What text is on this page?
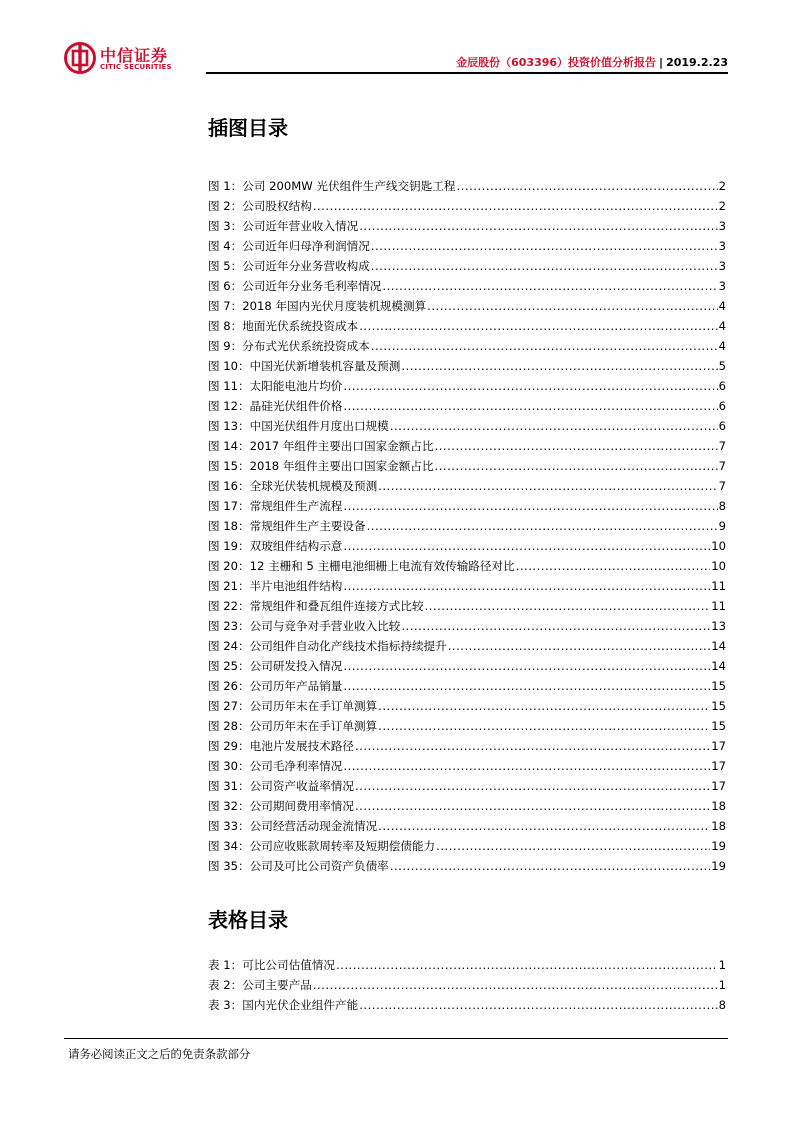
中信证券
CITIC SECURITIES	金辰股份（603396）投资价值分析报告 | 2019.2.23
插图目录
图 1：公司 200MW 光伏组件生产线交钥匙工程 .....	2
图 2：公司股权结构 .....	2
图 3：公司近年营业收入情况 .....	3
图 4：公司近年归母净利润情况 .....	3
图 5：公司近年分业务营收构成 .....	3
图 6：公司近年分业务毛利率情况 .....	3
图 7：2018 年国内光伏月度装机规模测算 .....	4
图 8：地面光伏系统投资成本 .....	4
图 9：分布式光伏系统投资成本 .....	4
图 10：中国光伏新增装机容量及预测 .....	5
图 11：太阳能电池片均价 .....	6
图 12：晶硅光伏组件价格 .....	6
图 13：中国光伏组件月度出口规模 .....	6
图 14：2017 年组件主要出口国家金额占比 .....	7
图 15：2018 年组件主要出口国家金额占比 .....	7
图 16：全球光伏装机规模及预测 .....	7
图 17：常规组件生产流程 .....	8
图 18：常规组件生产主要设备 .....	9
图 19：双玻组件结构示意 .....	10
图 20：12 主栅和 5 主栅电池细栅上电流有效传输路径对比 .....	10
图 21：半片电池组件结构 .....	11
图 22：常规组件和叠瓦组件连接方式比较 .....	11
图 23：公司与竞争对手营业收入比较 .....	13
图 24：公司组件自动化产线技术指标持续提升 .....	14
图 25：公司研发投入情况 .....	14
图 26：公司历年产品销量 .....	15
图 27：公司历年末在手订单测算 .....	15
图 28：公司历年末在手订单测算 .....	15
图 29：电池片发展技术路径 .....	17
图 30：公司毛净利率情况 .....	17
图 31：公司资产收益率情况 .....	17
图 32：公司期间费用率情况 .....	18
图 33：公司经营活动现金流情况 .....	18
图 34：公司应收账款周转率及短期偿债能力 .....	19
图 35：公司及可比公司资产负债率 .....	19
表格目录
表 1：可比公司估值情况 .....	1
表 2：公司主要产品 .....	1
表 3：国内光伏企业组件产能 .....	8
请务必阅读正文之后的免责条款部分
